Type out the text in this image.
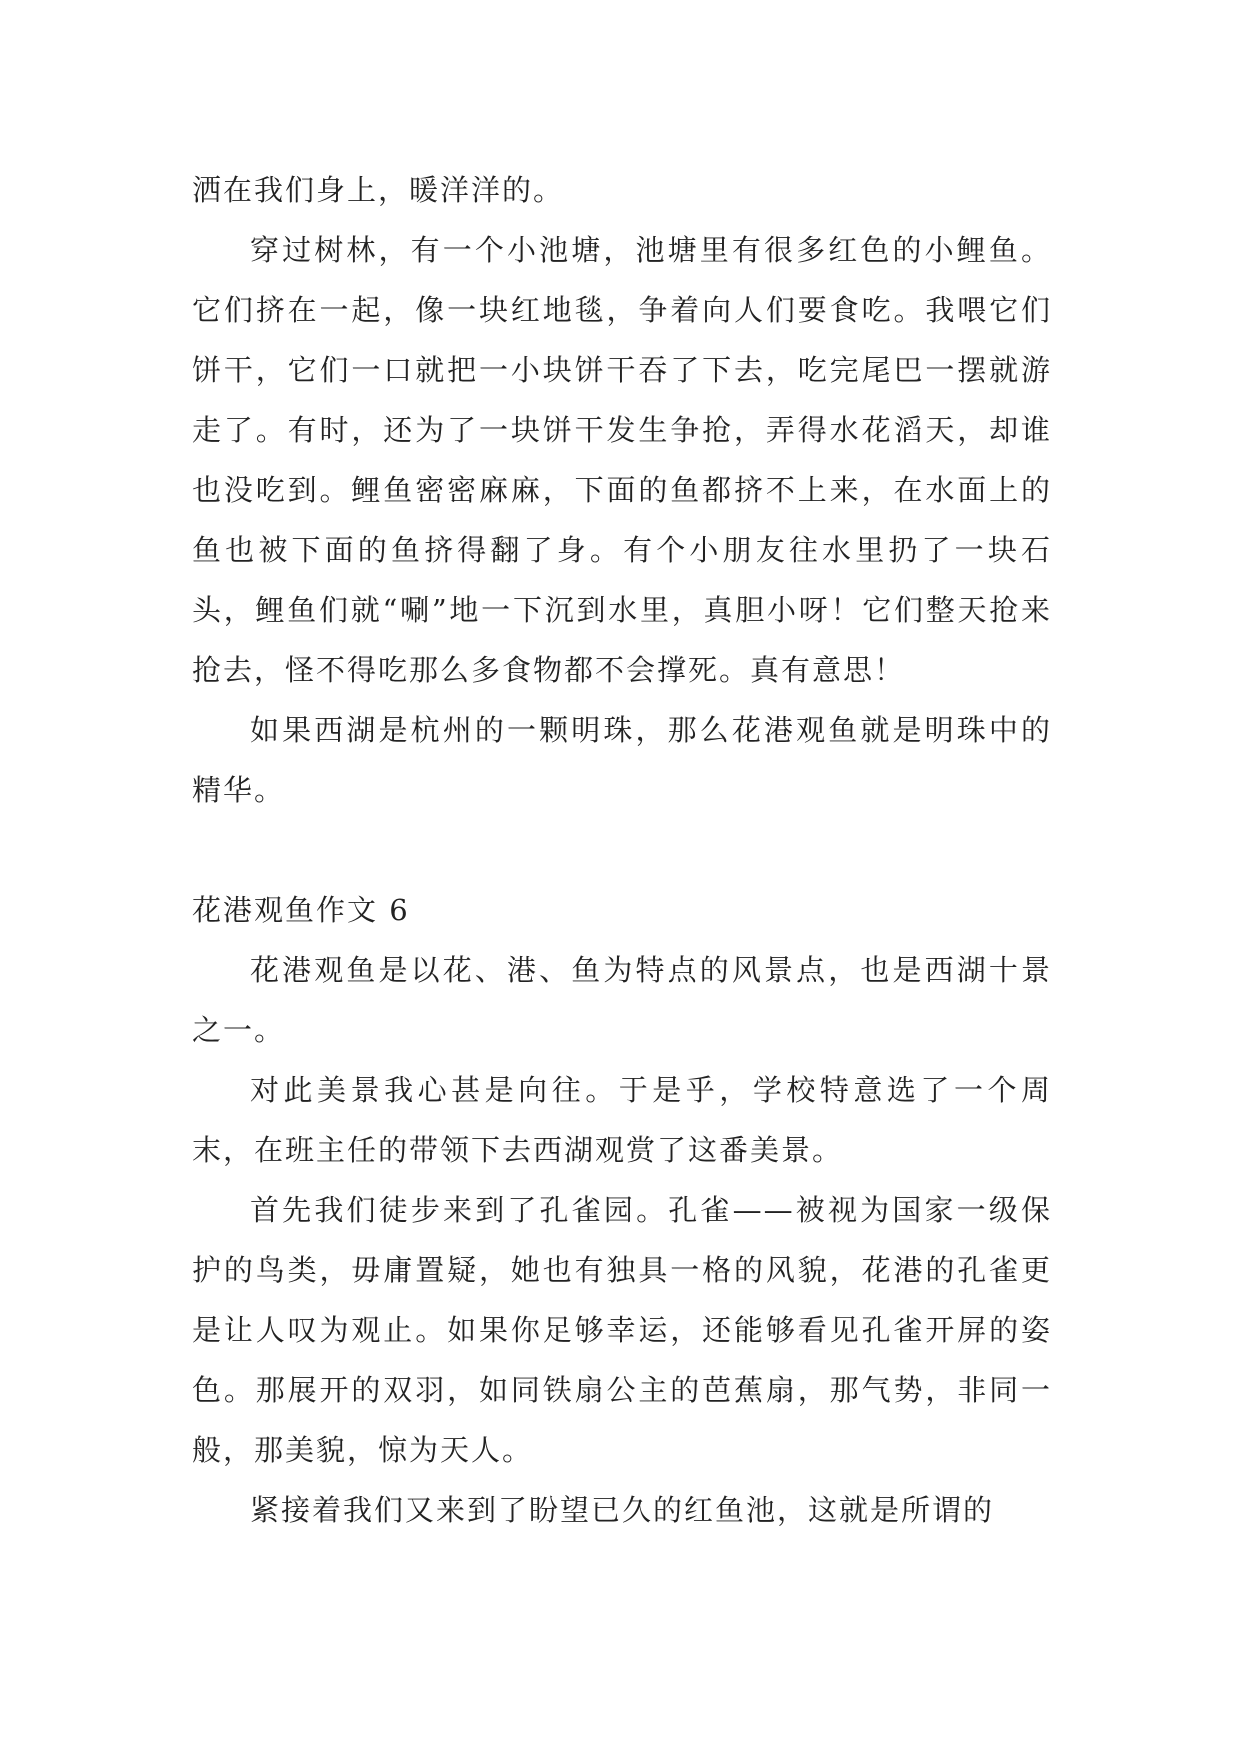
洒在我们身上，暖洋洋的。

穿过树林，有一个小池塘，池塘里有很多红色的小鲤鱼。它们挤在一起，像一块红地毯，争着向人们要食吃。我喂它们饼干，它们一口就把一小块饼干吞了下去，吃完尾巴一摆就游走了。有时，还为了一块饼干发生争抢，弄得水花滔天，却谁也没吃到。鲤鱼密密麻麻，下面的鱼都挤不上来，在水面上的鱼也被下面的鱼挤得翻了身。有个小朋友往水里扔了一块石头，鲤鱼们就“唰”地一下沉到水里，真胆小呀！它们整天抢来抢去，怪不得吃那么多食物都不会撑死。真有意思！

如果西湖是杭州的一颗明珠，那么花港观鱼就是明珠中的精华。

花港观鱼作文 6

花港观鱼是以花、港、鱼为特点的风景点，也是西湖十景之一。

对此美景我心甚是向往。于是乎，学校特意选了一个周末，在班主任的带领下去西湖观赏了这番美景。

首先我们徒步来到了孔雀园。孔雀——被视为国家一级保护的鸟类，毋庸置疑，她也有独具一格的风貌，花港的孔雀更是让人叹为观止。如果你足够幸运，还能够看见孔雀开屏的姿色。那展开的双羽，如同铁扇公主的芭蕉扇，那气势，非同一般，那美貌，惊为天人。

紧接着我们又来到了盼望已久的红鱼池，这就是所谓的
